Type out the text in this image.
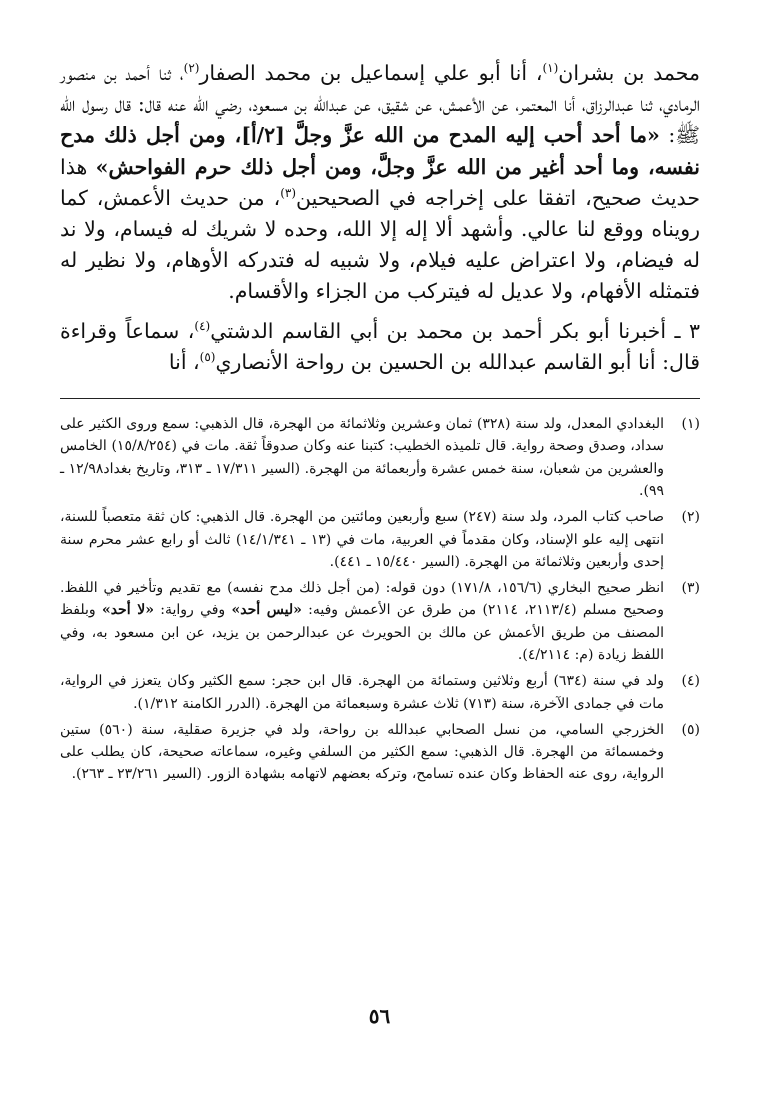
محمد بن بشران$^{(١)}$، أنا أبو علي إسماعيل بن محمد الصفار$^{(٢)}$، ثنا أحمد بن منصور الرمادي، ثنا عبدالرزاق، أنا المعتمر، عن الأعمش، عن شقيق، عن عبدالله بن مسعود، رضي الله عنه قال: قال رسول الله ﷺ: «ما أحد أحب إليه المدح من الله عزَّ وجلَّ [٢/أ]، ومن أجل ذلك مدح نفسه، وما أحد أغير من الله عزَّ وجلَّ، ومن أجل ذلك حرم الفواحش» هذا حديث صحيح، اتفقا على إخراجه في الصحيحين$^{(٣)}$، من حديث الأعمش، كما رويناه ووقع لنا عالي. وأشهد ألا إله إلا الله، وحده لا شريك له فيسام، ولا ند له فيضام، ولا اعتراض عليه فيلام، ولا شبيه له فتدركه الأوهام، ولا نظير له فتمثله الأفهام، ولا عديل له فيتركب من الجزاء والأقسام.

٣ ـ أخبرنا أبو بكر أحمد بن محمد بن أبي القاسم الدشتي$^{(٤)}$، سماعاً وقراءة قال: أنا أبو القاسم عبدالله بن الحسين بن رواحة الأنصاري$^{(٥)}$، أنا

(١)
البغدادي المعدل، ولد سنة (٣٢٨) ثمان وعشرين وثلاثمائة من الهجرة، قال الذهبي: سمع وروى الكثير على سداد، وصدق وصحة رواية. قال تلميذه الخطيب: كتبنا عنه وكان صدوقاً ثقة. مات في (١٥/٨/٢٥٤) الخامس والعشرين من شعبان، سنة خمس عشرة وأربعمائة من الهجرة. (السير ١٧/٣١١ ـ ٣١٣، وتاريخ بغداد١٢/٩٨ ـ ٩٩).
(٢)
صاحب كتاب المرد، ولد سنة (٢٤٧) سبع وأربعين ومائتين من الهجرة. قال الذهبي: كان ثقة متعصباً للسنة، انتهى إليه علو الإسناد، وكان مقدماً في العربية، مات في (١٣ ـ ١٤/١/٣٤١) ثالث أو رابع عشر محرم سنة إحدى وأربعين وثلاثمائة من الهجرة. (السير ١٥/٤٤٠ ـ ٤٤١).
(٣)
انظر صحيح البخاري (١٥٦/٦، ١٧١/٨) دون قوله: (من أجل ذلك مدح نفسه) مع تقديم وتأخير في اللفظ. وصحيح مسلم (٢١١٣/٤، ٢١١٤) من طرق عن الأعمش وفيه: «ليس أحد» وفي رواية: «لا أحد» وبلفظ المصنف من طريق الأعمش عن مالك بن الحويرث عن عبدالرحمن بن يزيد، عن ابن مسعود به، وفي اللفظ زيادة (م: ٤/٢١١٤).
(٤)
ولد في سنة (٦٣٤) أربع وثلاثين وستمائة من الهجرة. قال ابن حجر: سمع الكثير وكان يتعزز في الرواية، مات في جمادى الآخرة، سنة (٧١٣) ثلاث عشرة وسبعمائة من الهجرة. (الدرر الكامنة ١/٣١٢).
(٥)
الخزرجي السامي، من نسل الصحابي عبدالله بن رواحة، ولد في جزيرة صقلية، سنة (٥٦٠) ستين وخمسمائة من الهجرة. قال الذهبي: سمع الكثير من السلفي وغيره، سماعاته صحيحة، كان يطلب على الرواية، روى عنه الحفاظ وكان عنده تسامح، وتركه بعضهم لاتهامه بشهادة الزور. (السير ٢٣/٢٦١ ـ ٢٦٣).
٥٦
